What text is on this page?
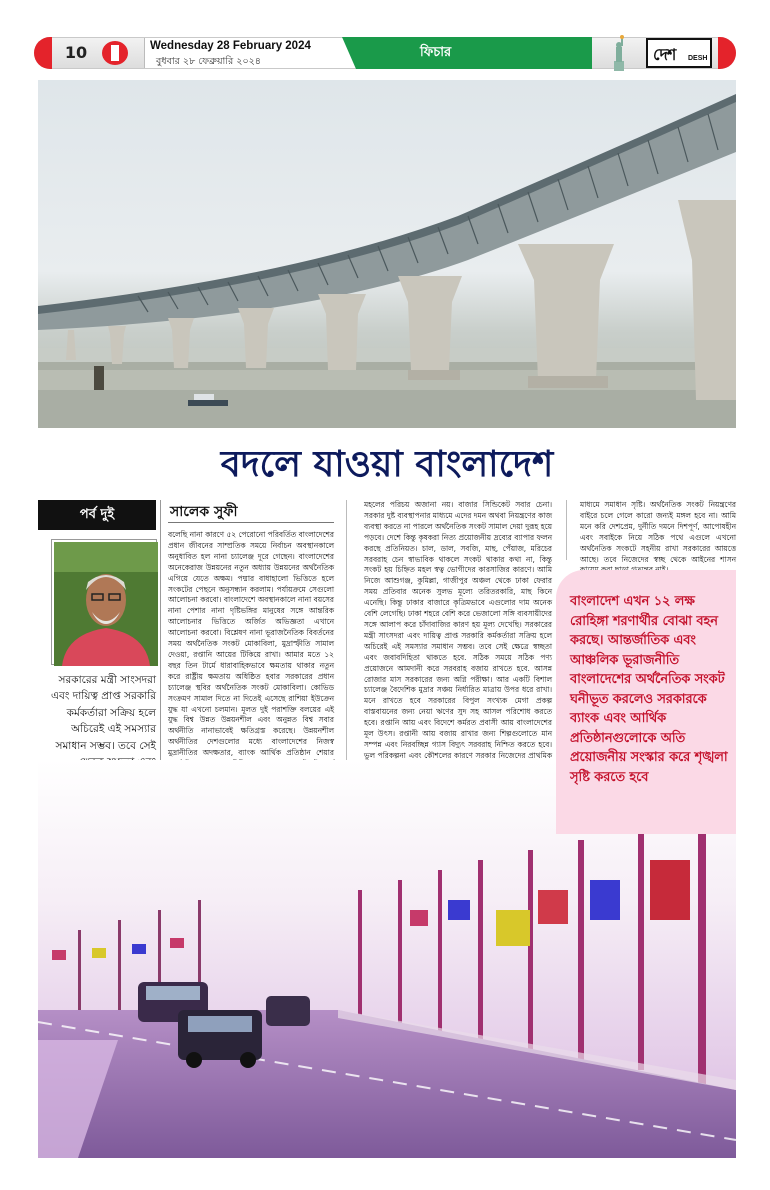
10	Wednesday 28 February 2024
বুধবার ২৮ ফেব্রুয়ারি ২০২৪
ফিচার	দেশ DESH
বদলে যাওয়া বাংলাদেশ
পর্ব দুই
সরকারের মন্ত্রী সাংসদরা এবং দায়িত্ব প্রাপ্ত সরকারি কর্মকর্তারা সক্রিয় হলে অচিরেই এই সমস্যার সমাধান সম্ভব। তবে সেই
সালেক সুফী
বলেছি নানা কারণে ৫২ পেরোনো পরিবর্তিত বাংলাদেশের প্রধান জীবনের সাম্প্রতিক সময়ে নির্বাচন অবস্থানকালে অনুধাবিত হল নানা চ্যালেঞ্জ দূরে গেছেন। বাংলাদেশের অনেকেরাজ উন্নয়নের নতুন অধ্যায় উন্নয়নের অর্থনৈতিক এগিয়ে যেতে অক্ষম। পদ্মার বাধাহালো ভিত্তিতে হলে সংকটের পেছনে অনুসন্ধান করলাম। পর্যায়ক্রমে সেগুলো আলোচনা করবো। বাংলাদেশে অবস্থানকালে নানা বয়সের নানা পেশার নানা দৃষ্টিভঙ্গির মানুষের সঙ্গে আন্তরিক আলোচনার ভিত্তিতে অর্জিত অভিজ্ঞতা এখানে আলোচনা করবো। বিশ্লেষণ নানা ভূরাজনৈতিক বিবর্তনের সময় অর্থনৈতিক সংকট মোকাবিলা, মুদ্রাস্ফীতি সামাল দেওয়া, রপ্তানি আয়ের টিকিয়ে রাখা। আমার মতে ১২ বছর তিন টার্মে ধারাবাহিকভাবে ক্ষমতায় থাকার নতুন করে রাষ্ট্রীয় ক্ষমতায় অধিষ্ঠিত হবার সরকারের প্রধান চ্যালেঞ্জ স্থবির অর্থনৈতিক সংকট মোকাবিলা। কোভিড সংক্রমণ সামাল দিতে না দিতেই এসেছে রাশিয়া ইউক্রেন যুদ্ধ যা এখনো চলমান। মূলত দুই পরাশক্তি বলয়ের এই যুদ্ধ বিশ্ব উন্নত উন্নয়নশীল এবং অনুন্নত বিশ্ব সবার অর্থনীতি নানাভাবেই ক্ষতিগ্রস্ত করেছে। উন্নয়নশীল অর্থনীতির দেশগুলোর মধ্যে বাংলাদেশের নিজস্ব মুদ্রানীতির অদক্ষতার, ব্যাংক আর্থিক প্রতিষ্ঠান শেয়ার
মহলের পরিচয় অজানা নয়। বাজার সিন্ডিকেট সবার চেনা। সরকার দুষ্ট ব্যবস্থাপনার মাধ্যমে এদের দমন অথবা নিয়ন্ত্রণের কাজ ব্যবস্থা করতে না পারলে অর্থনৈতিক সংকট সামাল দেয়া দুরূহ হয়ে পড়বে। দেশে কিন্তু কৃষকরা নিত্য প্রয়োজনীয় দ্রব্যের ব্যাপার ফলন করছে প্রতিনিয়ত। চাল, ডাল, সবজি, মাছ, পেঁয়াজ, মরিচের সরবরাহ চেন স্বাভাবিক থাকলে সংকট থাকার কথা না, কিন্তু সংকট হয় চিহ্নিত মহল স্বত্ব ভোগীদের কারসাজির কারণে। আমি নিজে আশুগঞ্জ, কুমিল্লা, গাজীপুর অঞ্চল থেকে ঢাকা ফেরার সময় প্রতিবার অনেক সুলভ মূল্যে তরিতরকারি, মাছ কিনে এনেছি। কিন্তু ঢাকার বাজারে কৃত্রিমভাবে এগুলোর দাম অনেক বেশি লেগেছি। ঢাকা শহরে বেশি করে ভেজালো সঙ্গি ব্যবসায়ীদের সঙ্গে আলাপ করে চাঁদাবাজির কারণ হয় মূল্য দেখেছি। সরকারের মন্ত্রী সাংসদরা এবং দায়িত্ব প্রাপ্ত সরকারি কর্মকর্তারা সক্রিয় হলে অচিরেই এই সমস্যার সমাধান সম্ভব। তবে সেই ক্ষেত্রে স্বচ্ছতা এবং জবাবদিহিতা থাকতে হবে. সঠিক সময়ে সঠিক পণ্য প্রয়োজনে আমদানী করে সরবরাহ বজায় রাখতে হবে. আসন্ন রোজার মাস সরকারের জন্য অগ্নি পরীক্ষা। আর একটি বিশাল চ্যালেঞ্জ বৈদেশিক মুদ্রার সঞ্চয় নির্ধারিত মাত্রায় উপর ধরে রাখা। মনে রাখতে হবে সরকারের বিপুল সংখ্যক মেগা প্রকল্প বাস্তবায়নের জন্য নেয়া ঋণের সুদ সহ আসল পরিশোধ করতে হবে। রপ্তানি আয় এবং বিদেশে কর্মরত প্রবাসী আয় বাংলাদেশের মূল উৎস। রপ্তানী আয় বজায় রাখার জন্য শিল্পগুলোতে মান সম্পন্ন এবং নিরবচ্ছিন্ন গ্যাস বিদ্যুৎ সরবরাহ নিশ্চিত করতে হবে। ভুল পরিকল্পনা এবং কৌশলের কারণে সরকার নিজেদের প্রাথমিক
মাধ্যমে সমাধান সৃষ্টি। অর্থনৈতিক সংকট নিয়ন্ত্রণের বাইরে চলে গেলে কারো জন্যই মঙ্গল হবে না। আমি মনে করি দেশপ্রেম, দুর্নীতি দমনে দিশপূর্ণ, আপোষহীন এবং সবাইকে নিয়ে সঠিক পথে এগুলে এখনো অর্থনৈতিক সংকটে সহনীয় রাখা সরকারের আয়ত্তে আছে। তবে নিজেদের স্বচ্ছ থেকে আইনের শাসন
বাংলাদেশ এখন ১২ লক্ষ রোহিঙ্গা শরণার্থীর বোঝা বহন করছে। আন্তর্জাতিক এবং আঞ্চলিক ভূরাজনীতি বাংলাদেশের অর্থনৈতিক সংকট ঘনীভূত করলেও সরকারকে ব্যাংক এবং আর্থিক প্রতিষ্ঠানগুলোকে অতি প্রয়োজনীয় সংস্কার করে শৃঙ্খলা সৃষ্টি করতে হবে
